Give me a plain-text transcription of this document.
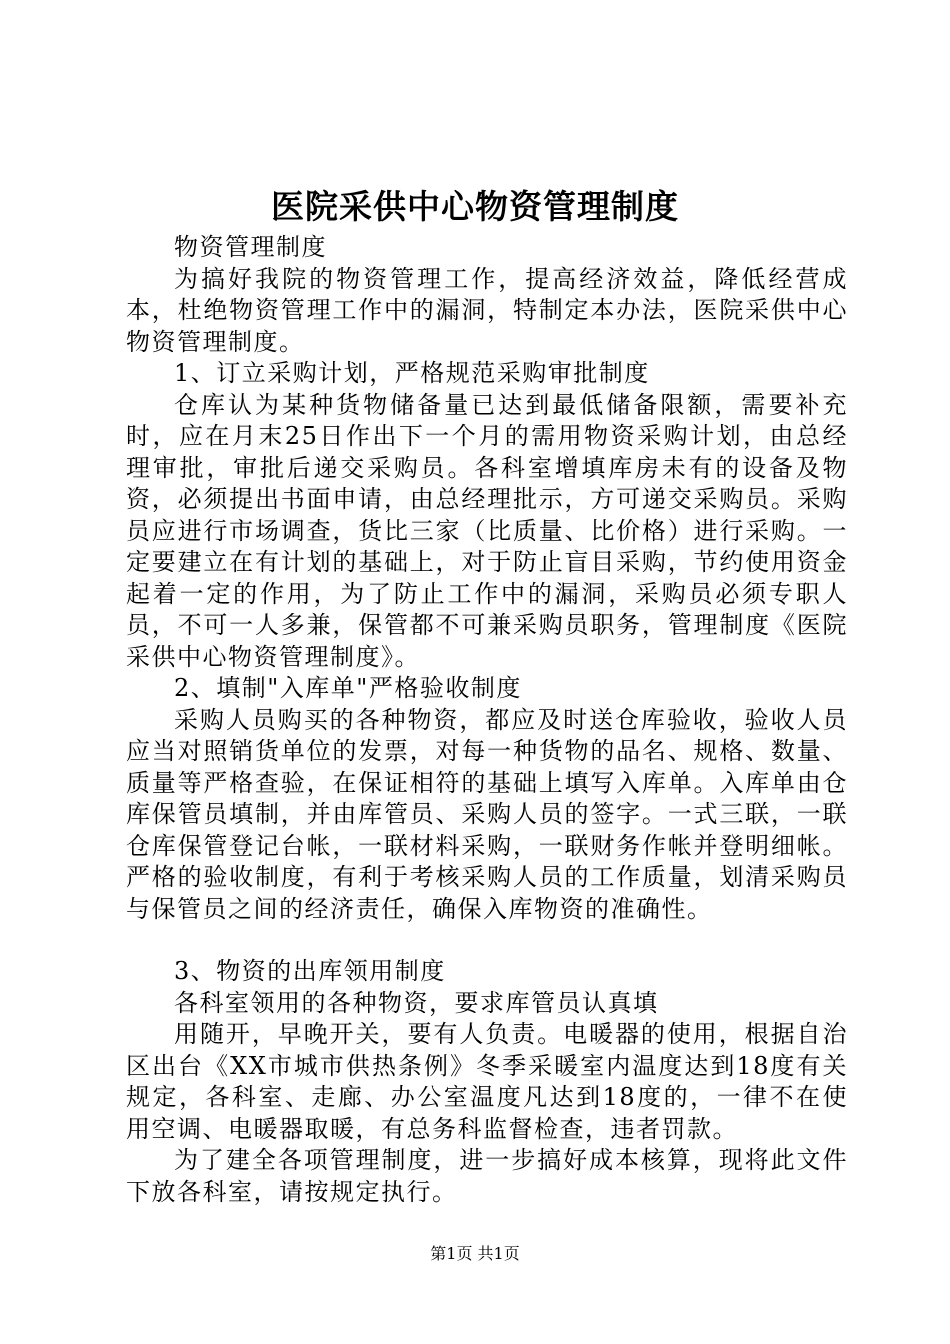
医院采供中心物资管理制度

物资管理制度

为搞好我院的物资管理工作，提高经济效益，降低经营成本，杜绝物资管理工作中的漏洞，特制定本办法，医院采供中心物资管理制度。

1、订立采购计划，严格规范采购审批制度

仓库认为某种货物储备量已达到最低储备限额，需要补充时，应在月末25日作出下一个月的需用物资采购计划，由总经理审批，审批后递交采购员。各科室增填库房未有的设备及物资，必须提出书面申请，由总经理批示，方可递交采购员。采购员应进行市场调查，货比三家（比质量、比价格）进行采购。一定要建立在有计划的基础上，对于防止盲目采购，节约使用资金起着一定的作用，为了防止工作中的漏洞，采购员必须专职人员，不可一人多兼，保管都不可兼采购员职务，管理制度《医院采供中心物资管理制度》。

2、填制"入库单"严格验收制度

采购人员购买的各种物资，都应及时送仓库验收，验收人员应当对照销货单位的发票，对每一种货物的品名、规格、数量、质量等严格查验，在保证相符的基础上填写入库单。入库单由仓库保管员填制，并由库管员、采购人员的签字。一式三联，一联仓库保管登记台帐，一联材料采购，一联财务作帐并登明细帐。严格的验收制度，有利于考核采购人员的工作质量，划清采购员与保管员之间的经济责任，确保入库物资的准确性。

3、物资的出库领用制度

各科室领用的各种物资，要求库管员认真填

用随开，早晚开关，要有人负责。电暖器的使用，根据自治区出台《XX市城市供热条例》冬季采暖室内温度达到18度有关规定，各科室、走廊、办公室温度凡达到18度的，一律不在使用空调、电暖器取暖，有总务科监督检查，违者罚款。

为了建全各项管理制度，进一步搞好成本核算，现将此文件下放各科室，请按规定执行。

第1页 共1页
